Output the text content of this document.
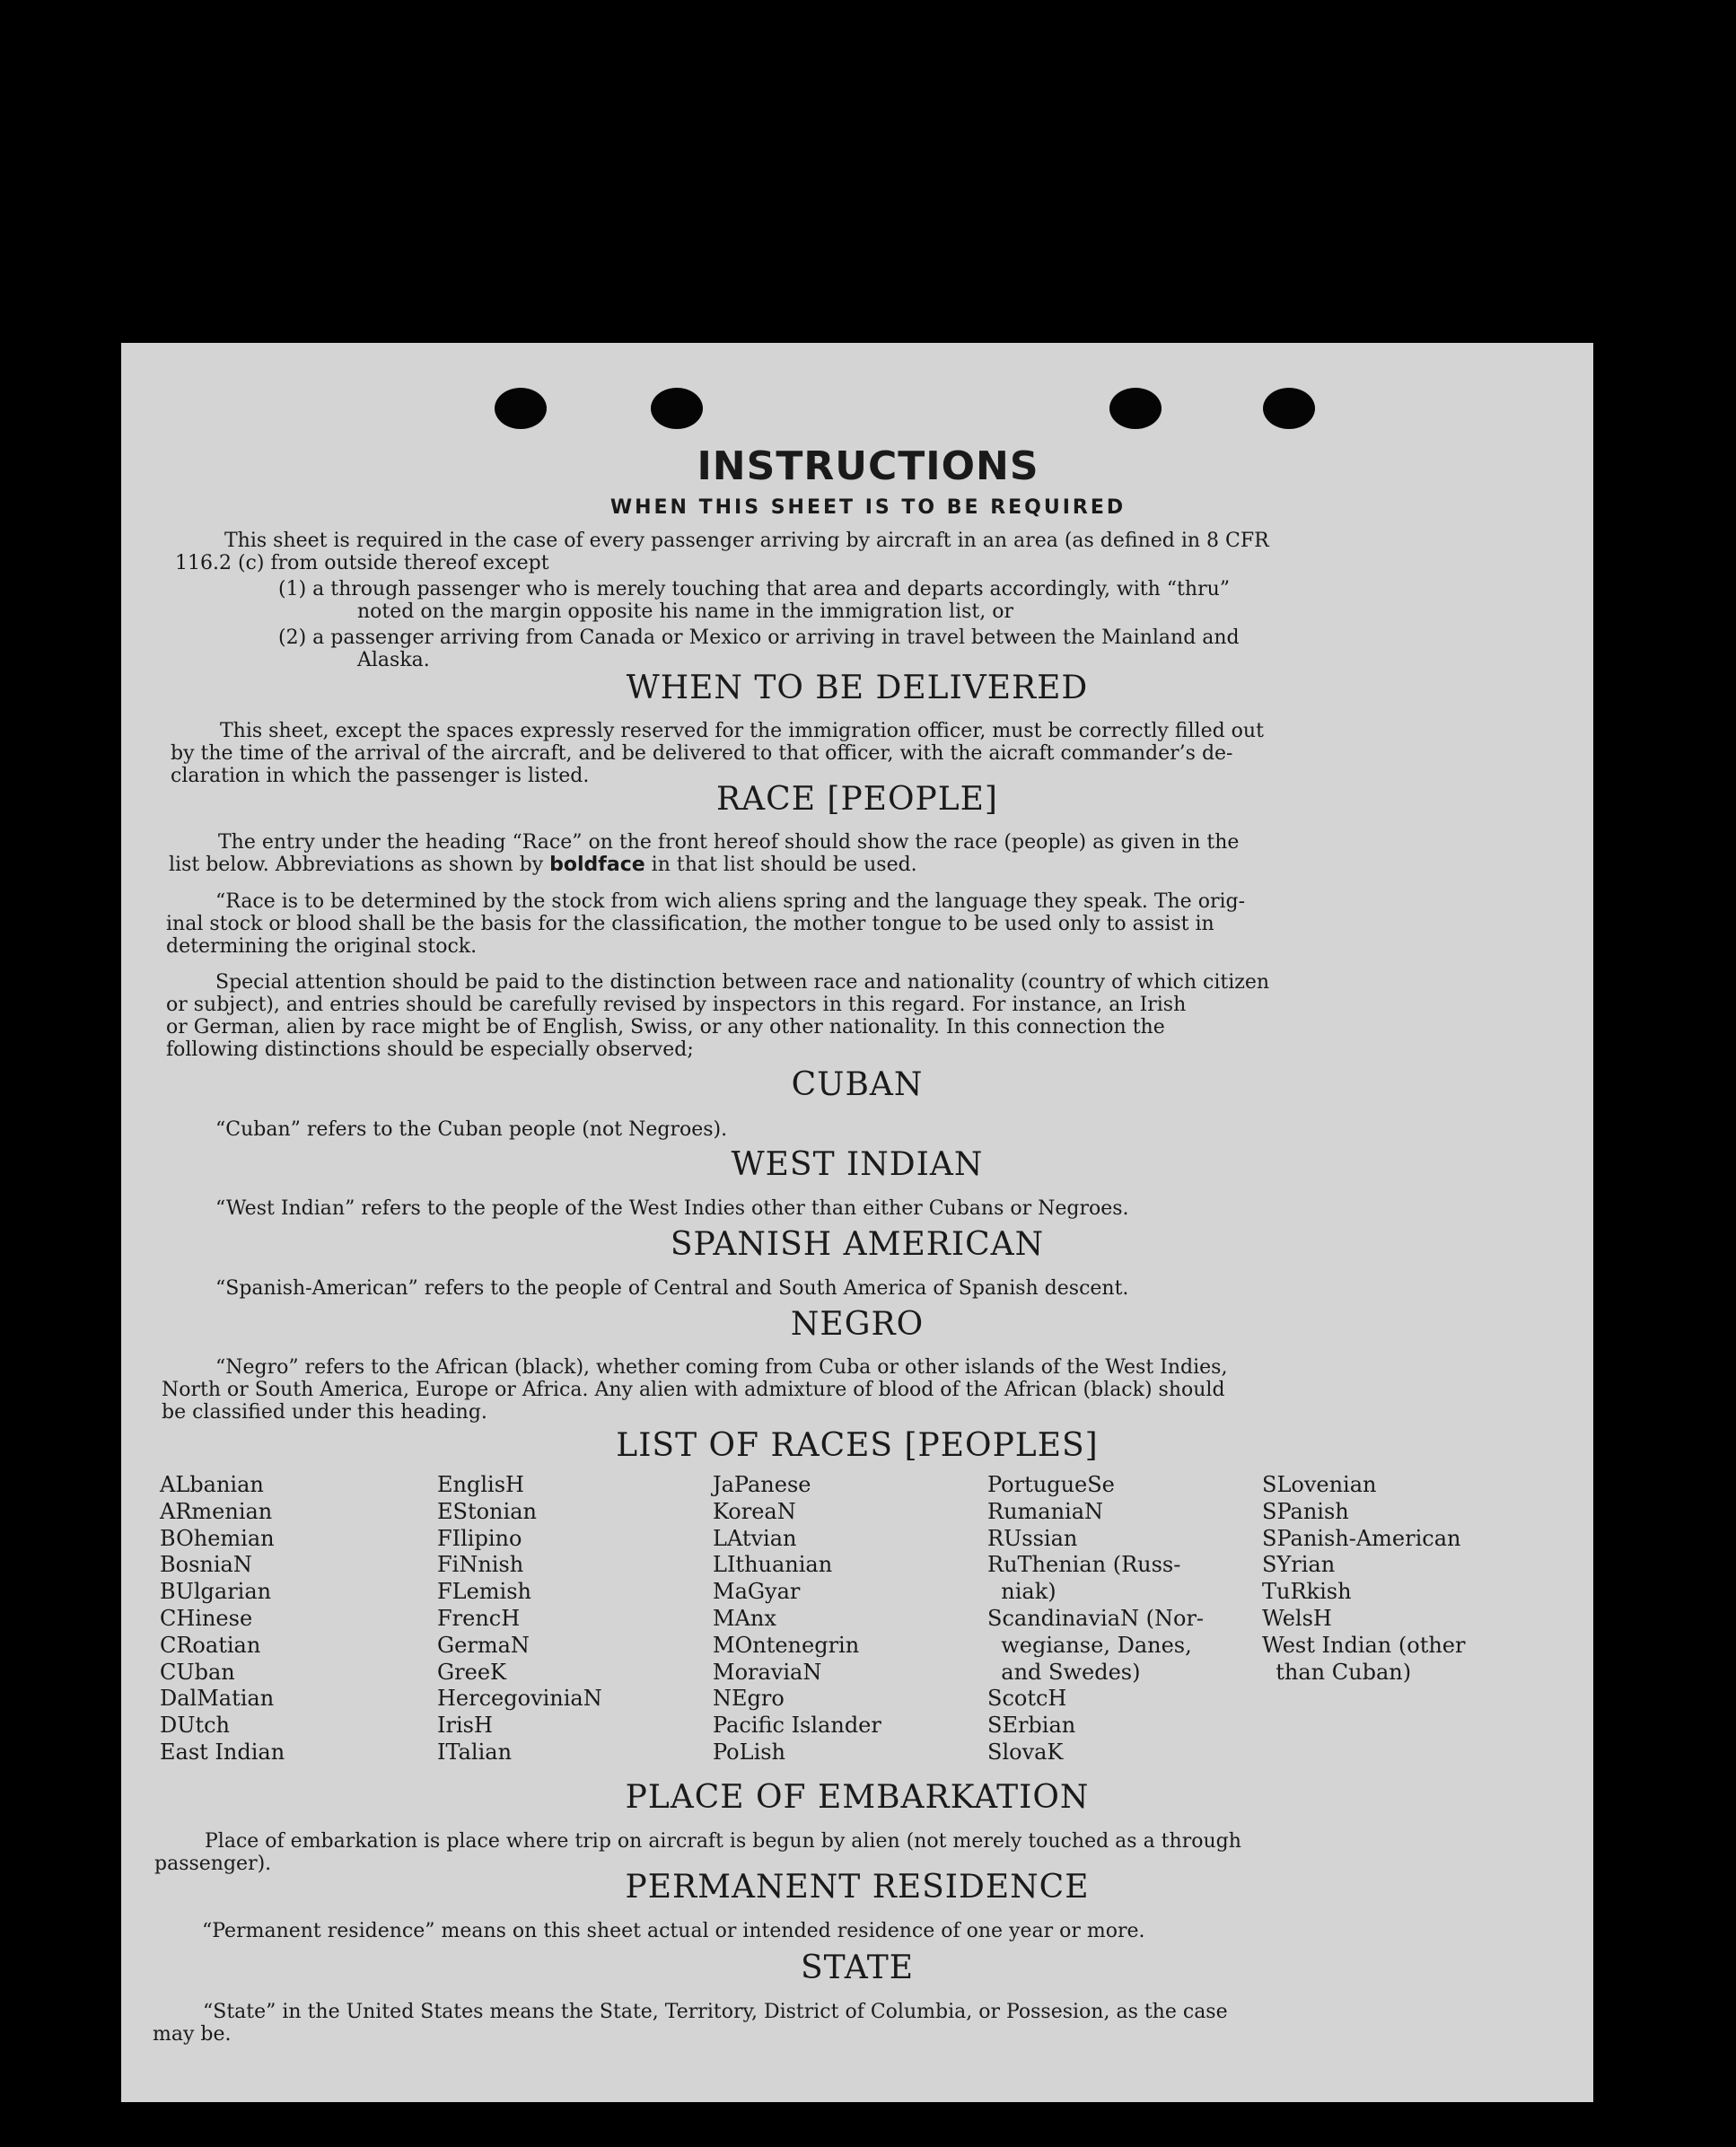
INSTRUCTIONS
WHEN THIS SHEET IS TO BE REQUIRED
This sheet is required in the case of every passenger arriving by aircraft in an area (as defined in 8 CFR
116.2 (c) from outside thereof except
(1) a through passenger who is merely touching that area and departs accordingly, with “thru”
noted on the margin opposite his name in the immigration list, or
(2) a passenger arriving from Canada or Mexico or arriving in travel between the Mainland and
Alaska.
WHEN TO BE DELIVERED
This sheet, except the spaces expressly reserved for the immigration officer, must be correctly filled out
by the time of the arrival of the aircraft, and be delivered to that officer, with the aicraft commander’s de-
claration in which the passenger is listed.
RACE [PEOPLE]
The entry under the heading “Race” on the front hereof should show the race (people) as given in the
list below. Abbreviations as shown by boldface in that list should be used.
“Race is to be determined by the stock from wich aliens spring and the language they speak. The orig-
inal stock or blood shall be the basis for the classification, the mother tongue to be used only to assist in
determining the original stock.
Special attention should be paid to the distinction between race and nationality (country of which citizen
or subject), and entries should be carefully revised by inspectors in this regard. For instance, an Irish
or German, alien by race might be of English, Swiss, or any other nationality. In this connection the
following distinctions should be especially observed;
CUBAN
“Cuban” refers to the Cuban people (not Negroes).
WEST INDIAN
“West Indian” refers to the people of the West Indies other than either Cubans or Negroes.
SPANISH AMERICAN
“Spanish-American” refers to the people of Central and South America of Spanish descent.
NEGRO
“Negro” refers to the African (black), whether coming from Cuba or other islands of the West Indies,
North or South America, Europe or Africa. Any alien with admixture of blood of the African (black) should
be classified under this heading.
LIST OF RACES [PEOPLES]
ALbanian
ARmenian
BOhemian
BosniaN
BUlgarian
CHinese
CRoatian
CUban
DalMatian
DUtch
East Indian
EnglisH
EStonian
FIlipino
FiNnish
FLemish
FrencH
GermaN
GreeK
HercegoviniaN
IrisH
ITalian
JaPanese
KoreaN
LAtvian
LIthuanian
MaGyar
MAnx
MOntenegrin
MoraviaN
NEgro
Pacific Islander
PoLish
PortugueSe
RumaniaN
RUssian
RuThenian (Russ-
niak)
ScandinaviaN (Nor-
wegianse, Danes,
and Swedes)
ScotcH
SErbian
SlovaK
SLovenian
SPanish
SPanish-American
SYrian
TuRkish
WelsH
West Indian (other
than Cuban)
PLACE OF EMBARKATION
Place of embarkation is place where trip on aircraft is begun by alien (not merely touched as a through
passenger).
PERMANENT RESIDENCE
“Permanent residence” means on this sheet actual or intended residence of one year or more.
STATE
“State” in the United States means the State, Territory, District of Columbia, or Possesion, as the case
may be.
